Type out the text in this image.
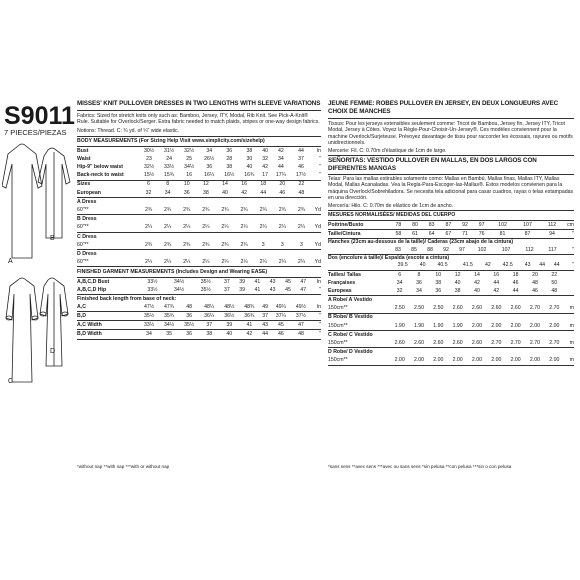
S9011
7 PIECES/PIEZAS
B
A
D
C
MISSES' KNIT PULLOVER DRESSES IN TWO LENGTHS WITH SLEEVE VARIATIONS

Fabrics: Sized for stretch knits only such as: Bamboo, Jersey, ITY, Modal, Rib Knit. See Pick-A-Knit® Rule. Suitable for Overlock/Serger. Extra fabric needed to match plaids, stripes or one-way design fabrics.

Notions: Thread. C: ¾ yd. of ¼" wide elastic.

BODY MEASUREMENTS (For Sizing Help Visit www.simplicity.com/sizehelp)
Bust	30½	31½	32½	34	36	38	40	42	44	In
Waist	23	24	25	26½	28	30	32	34	37	"
Hip-9" below waist	32½	33½	34½	36	38	40	42	44	46	"
Back-neck to waist	15½	15¾	16	16¼	16½	16¾	17	17¼	17½	"
Sizes	6	8	10	12	14	16	18	20	22	
European	32	34	36	38	40	42	44	46	48	
A Dress										
60"**	2¾	2¾	2¾	2¾	2¾	2¾	2¾	2¾	2¾	Yd
B Dress										
60"**	2¼	2¼	2¼	2¼	2¼	2¼	2¼	2¼	2¼	Yd
C Dress										
60"**	2¾	2¾	2¾	2¾	2¾	2¾	3	3	3	Yd
D Dress										
60"**	2¼	2¼	2¼	2¼	2¼	2¼	2¼	2¼	2¼	Yd
FINISHED GARMENT MEASUREMENTS (Includes Design and Wearing EASE)
A,B,C,D Bust	33½	34½	35½	37	39	41	43	45	47	In
A,B,C,D Hip	33½	34½	35½	37	39	41	43	45	47	"
Finished back length from base of neck:
A,C	47½	47¾	48	48¼	48½	48¾	49	49¼	49½	In
B,D	35½	35¾	36	36¼	36½	36¾	37	37¼	37½	"
A,C Width	33½	34½	35½	37	39	41	43	45	47	"
B,D Width	34	35	36	38	40	42	44	46	48	"
*without nap **with nap ***with or without nap
JEUNE FEMME: ROBES PULLOVER EN JERSEY, EN DEUX LONGUEURS AVEC CHOIX DE MANCHES

Tissus: Pour les jerseys extensibles seulement comme: Tricot de Bambou, Jersey fin, Jersey ITY, Tricot Modal, Jersey à Côtes. Voyez la Règle-Pour-Choisir-Un-Jersey®. Ces modèles conviennent pour la machine Overlock/Surjeteuse. Prévoyez davantage de tissu pour raccorder les écossais, rayures ou motifs unidirectionnels.

Mercerie: Fil. C: 0.70m d'élastique de 1cm de large.

SEÑORITAS: VESTIDO PULLOVER EN MALLAS, EN DOS LARGOS CON DIFERENTES MANGAS

Telas: Para las mallas estirables solamente como: Mallas en Bambú, Mallas finas, Mallas ITY, Mallas Modal, Mallas Acanaladas. Vea la Regla-Para-Escoger-las-Mallas®. Estos modelos convienen para la máquina Overlock/Sobrehiladora. Se necesita tela adicional para casar cuadros, rayas o telas estampadas en una dirección.

Mercería: Hilo. C: 0.70m de elástico de 1cm de ancho.

MESURES NORMALISÉES/ MEDIDAS DEL CUERPO
Poitrine/Busto	78	80	83	87	92	97	102	107	112	cm
Taille/Cintura	58	61	64	67	71	76	81	87	94	"
Hanches (23cm au-dessous de la taille)/ Caderas (23cm abajo de la cintura)
	83	85	88	92	97	102	107	112	117	"
Dos (encolure à taille)/ Espalda (escote a cintura)
	39.5	40	40.5	41.5	42	42.5	43	44	44	"
Tailles/ Tallas	6	8	10	12	14	16	18	20	22	
Françaises	34	36	38	40	42	44	46	48	50	
Europeas	32	34	36	38	40	42	44	46	48	
A Robe/ A Vestido										
150cm**	2.50	2.50	2.50	2.60	2.60	2.60	2.60	2.70	2.70	m
B Robe/ B Vestido										
150cm**	1.90	1.90	1.90	1.90	2.00	2.00	2.00	2.00	2.00	m
C Robe/ C Vestido										
150cm**	2.60	2.60	2.60	2.60	2.60	2.70	2.70	2.70	2.70	m
D Robe/ D Vestido										
150cm**	2.00	2.00	2.00	2.00	2.00	2.00	2.00	2.00	2.00	m
*sans sens **avec sens ***avec ou sans sens *sin pelusa **con pelusa ***sin o con pelusa
